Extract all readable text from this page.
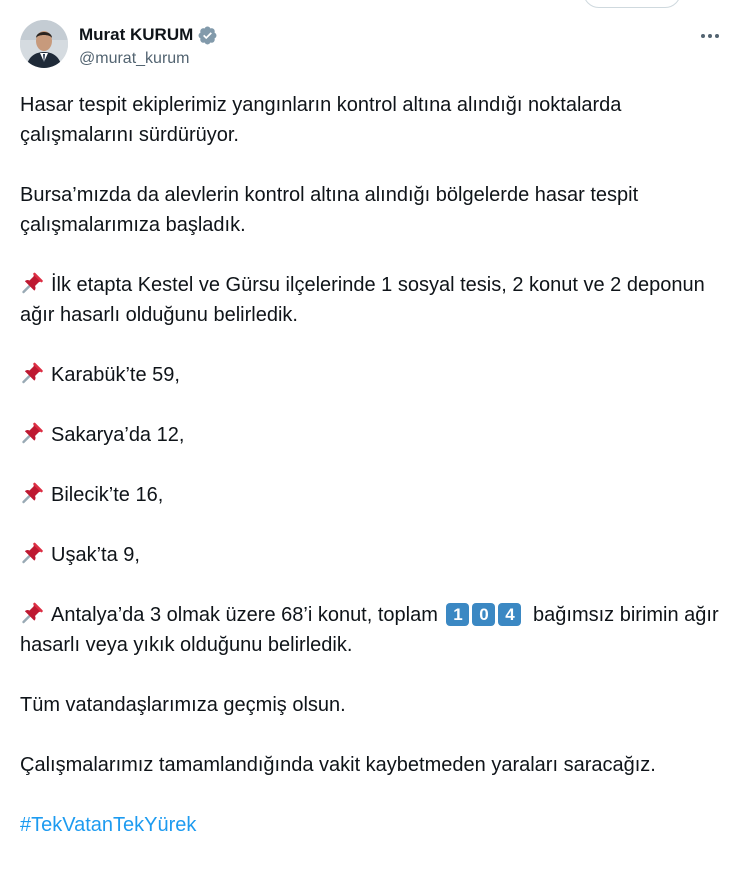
Murat KURUM
@murat_kurum

Hasar tespit ekiplerimiz yangınların kontrol altına alındığı noktalarda çalışmalarını sürdürüyor.

Bursa’mızda da alevlerin kontrol altına alındığı bölgelerde hasar tespit çalışmalarımıza başladık.

İlk etapta Kestel ve Gürsu ilçelerinde 1 sosyal tesis, 2 konut ve 2 deponun ağır hasarlı olduğunu belirledik.

Karabük’te 59,

Sakarya’da 12,

Bilecik’te 16,

Uşak’ta 9,

Antalya’da 3 olmak üzere 68’i konut, toplam 1 0 4 bağımsız birimin ağır hasarlı veya yıkık olduğunu belirledik.

Tüm vatandaşlarımıza geçmiş olsun.

Çalışmalarımız tamamlandığında vakit kaybetmeden yaraları saracağız.

#TekVatanTekYürek
